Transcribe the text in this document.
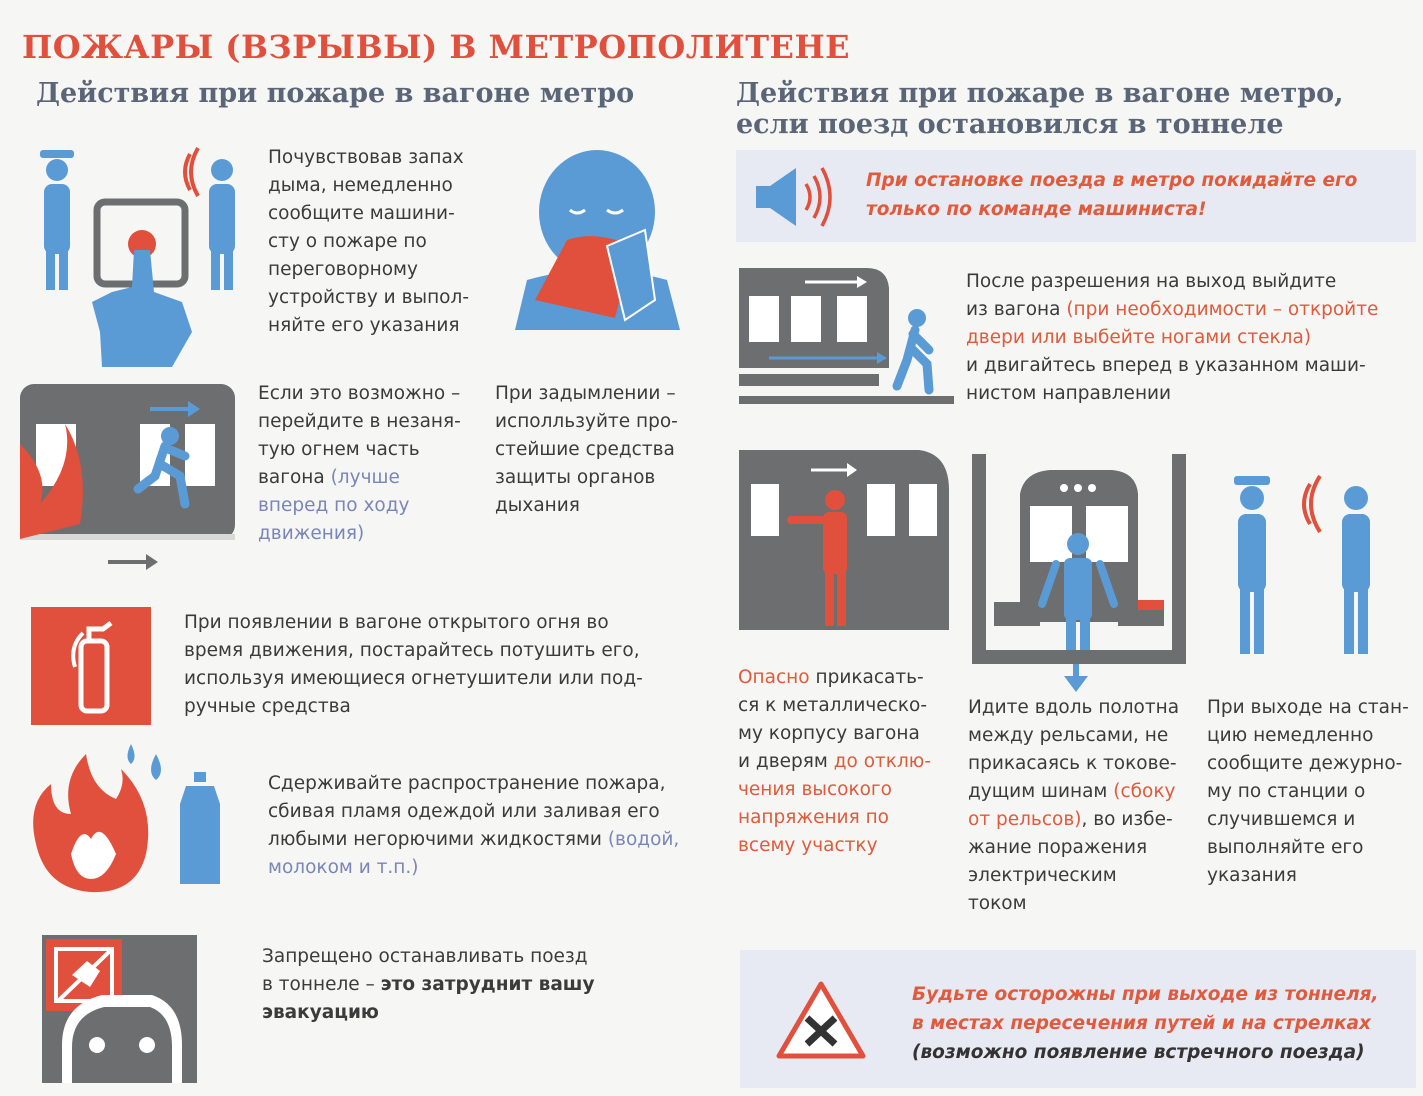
ПОЖАРЫ (ВЗРЫВЫ) В МЕТРОПОЛИТЕНЕ
Действия при пожаре в вагоне метро	Действия при пожаре в вагоне метро,
если поезд остановился в тоннеле
Почувствовав запах
дыма, немедленно
сообщите машини-
сту о пожаре по
переговорному
устройству и выпол-
няйте его указания
Если это возможно –
перейдите в незаня-
тую огнем часть
вагона (лучше
вперед по ходу
движения)
При задымлении –
исполльзуйте про-
стейшие средства
защиты органов
дыхания
При появлении в вагоне открытого огня во
время движения, постарайтесь потушить его,
используя имеющиеся огнетушители или под-
ручные средства
Сдерживайте распространение пожара,
сбивая пламя одеждой или заливая его
любыми негорючими жидкостями (водой,
молоком и т.п.)
Запрещено останавливать поезд
в тоннеле – это затруднит вашу
эвакуацию
При остановке поезда в метро покидайте его
только по команде машиниста!
После разрешения на выход выйдите
из вагона (при необходимости – откройте
двери или выбейте ногами стекла)
и двигайтесь вперед в указанном маши-
нистом направлении
Опасно прикасать-
ся к металлическо-
му корпусу вагона
и дверям до отклю-
чения высокого
напряжения по
всему участку
Идите вдоль полотна
между рельсами, не
прикасаясь к токове-
дущим шинам (сбоку
от рельсов), во избе-
жание поражения
электрическим
током
При выходе на стан-
цию немедленно
сообщите дежурно-
му по станции о
случившемся и
выполняйте его
указания
Будьте осторожны при выходе из тоннеля,
в местах пересечения путей и на стрелках
(возможно появление встречного поезда)
